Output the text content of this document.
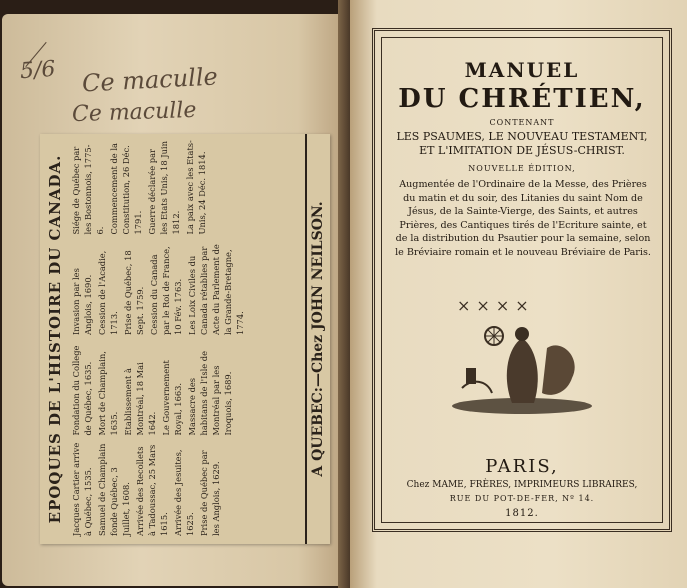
5/6 Ce maculle
Ce maculle
EPOQUES DE L'HISTOIRE DU CANADA. Jacques Cartier arrive à Québec, 1535. Samuel de Champlain fonde Québec, 3 Juillet, 1608. Arrivée des Recollets à Tadoussac, 25 Mars 1615. Arrivée des Jesuites, 1625. Prise de Québec par les Anglois, 1629.

Fondation du College de Québec, 1635. Mort de Champlain, 1635. Etablissement à Montréal, 18 Mai 1642. Le Gouvernement Royal, 1663. Massacre des habitans de l'Isle de Montréal par les Iroquois, 1689.

Invasion par les Anglois, 1690. Cession de l'Acadie, 1713. Prise de Québec, 18 Sept. 1759. Cession du Canada par le Roi de France, 10 Fév. 1763. Les Loix Civiles du Canada rétablies par Acte du Parlement de la Grande-Bretagne, 1774.

Siége de Québec par les Bostonnois, 1775-6. Commencement de la Constitution, 26 Déc. 1791. Guerre déclarée par les Etats Unis, 18 Juin 1812. La paix avec les Etats-Unis, 24 Déc. 1814.

A QUEBEC:—Chez JOHN NEILSON.
MANUEL
DU CHRÉTIEN,
CONTENANT
LES PSAUMES, LE NOUVEAU TESTAMENT,
ET L'IMITATION DE JÉSUS-CHRIST.
NOUVELLE ÉDITION,
Augmentée de l'Ordinaire de la Messe, des Prières du matin et du soir, des Litanies du saint Nom de Jésus, de la Sainte-Vierge, des Saints, et autres Prières, des Cantiques tirés de l'Ecriture sainte, et de la distribution du Psautier pour la semaine, selon le Bréviaire romain et le nouveau Bréviaire de Paris.
××××
PARIS,
Chez MAME, FRÈRES, IMPRIMEURS LIBRAIRES,
RUE DU POT-DE-FER, Nº 14.
1812.
